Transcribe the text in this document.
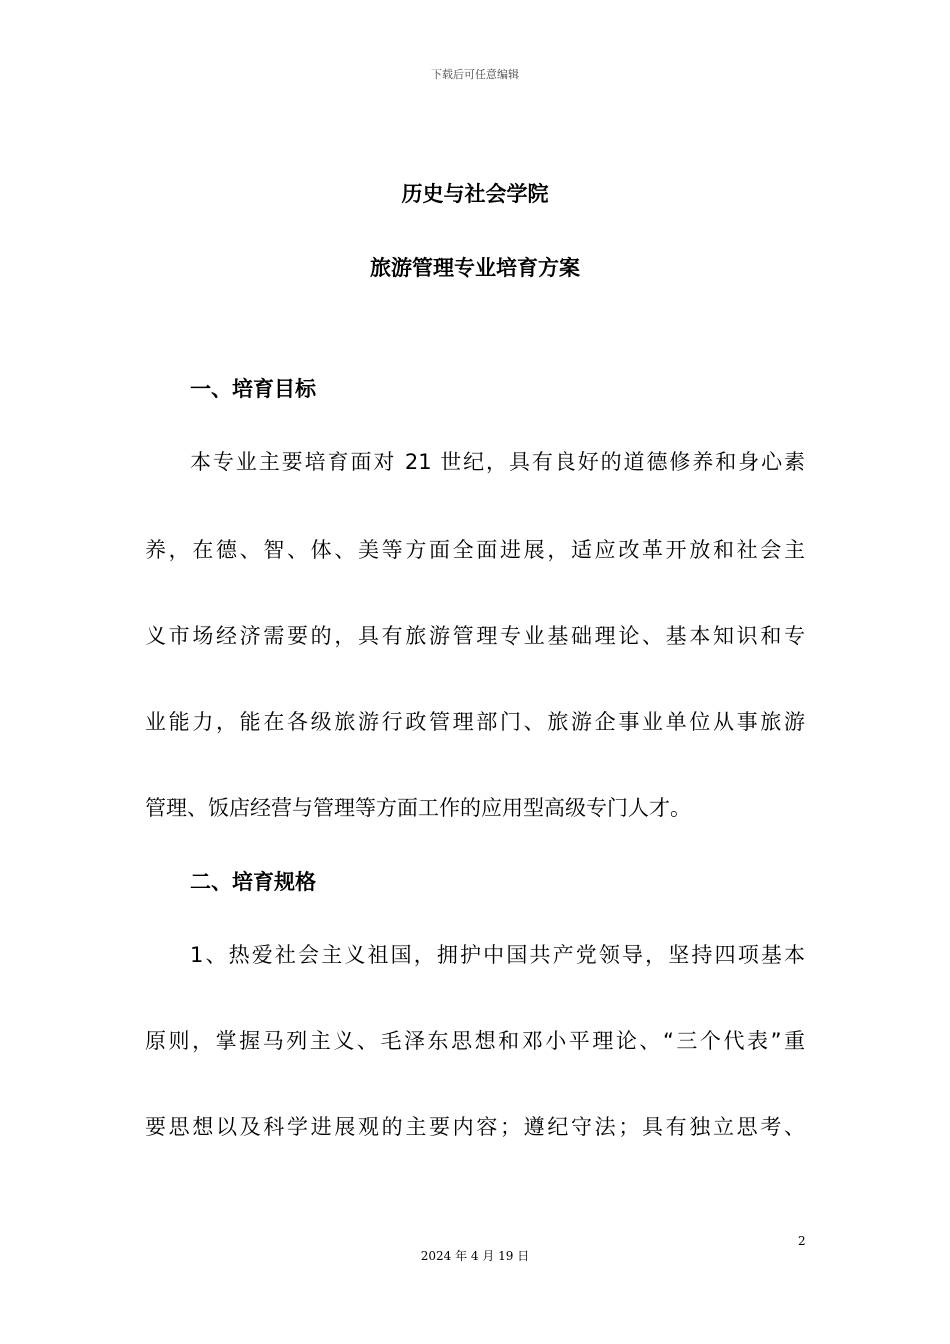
下载后可任意编辑
历史与社会学院
旅游管理专业培育方案
一、培育目标
本专业主要培育面对 21 世纪，具有良好的道德修养和身心素
养，在德、智、体、美等方面全面进展，适应改革开放和社会主
义市场经济需要的，具有旅游管理专业基础理论、基本知识和专
业能力，能在各级旅游行政管理部门、旅游企事业单位从事旅游
管理、饭店经营与管理等方面工作的应用型高级专门人才。
二、培育规格
1、热爱社会主义祖国，拥护中国共产党领导，坚持四项基本
原则，掌握马列主义、毛泽东思想和邓小平理论、“三个代表”重
要思想以及科学进展观的主要内容；遵纪守法；具有独立思考、
2
2024 年 4 月 19 日
